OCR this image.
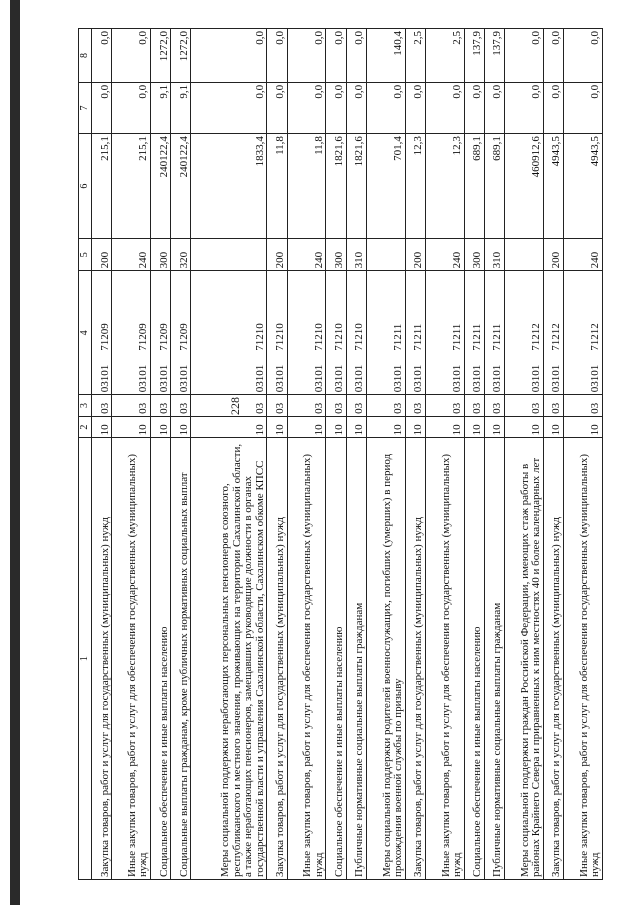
228
1	2	3	4	5	6	7	8
Закупка товаров, работ и услуг для государственных (муниципальных) нужд	10	03	0310171209	200	215,1	0,0	0,0
Иные закупки товаров, работ и услуг для обеспечения государственных (муниципальных) нужд	10	03	0310171209	240	215,1	0,0	0,0
Социальное обеспечение и иные выплаты населению	10	03	0310171209	300	240122,4	9,1	1272,0
Социальные выплаты гражданам, кроме публичных нормативных социальных выплат	10	03	0310171209	320	240122,4	9,1	1272,0
Меры социальной поддержки неработающих персональных пенсионеров союзного, республиканского и местного значения, проживающих на территории Сахалинской области, а также неработающих пенсионеров, замещавших руководящие должности в органах государственной власти и управления Сахалинской области, Сахалинском обкоме КПСС	10	03	0310171210		1833,4	0,0	0,0
Закупка товаров, работ и услуг для государственных (муниципальных) нужд	10	03	0310171210	200	11,8	0,0	0,0
Иные закупки товаров, работ и услуг для обеспечения государственных (муниципальных) нужд	10	03	0310171210	240	11,8	0,0	0,0
Социальное обеспечение и иные выплаты населению	10	03	0310171210	300	1821,6	0,0	0,0
Публичные нормативные социальные выплаты гражданам	10	03	0310171210	310	1821,6	0,0	0,0
Меры социальной поддержки родителей военнослужащих, погибших (умерших) в период прохождения военной службы по призыву	10	03	0310171211		701,4	0,0	140,4
Закупка товаров, работ и услуг для государственных (муниципальных) нужд	10	03	0310171211	200	12,3	0,0	2,5
Иные закупки товаров, работ и услуг для обеспечения государственных (муниципальных) нужд	10	03	0310171211	240	12,3	0,0	2,5
Социальное обеспечение и иные выплаты населению	10	03	0310171211	300	689,1	0,0	137,9
Публичные нормативные социальные выплаты гражданам	10	03	0310171211	310	689,1	0,0	137,9
Меры социальной поддержки граждан Российской Федерации, имеющих стаж работы в районах Крайнего Севера и приравненных к ним местностях 40 и более календарных лет	10	03	0310171212		460912,6	0,0	0,0
Закупка товаров, работ и услуг для государственных (муниципальных) нужд	10	03	0310171212	200	4943,5	0,0	0,0
Иные закупки товаров, работ и услуг для обеспечения государственных (муниципальных) нужд	10	03	0310171212	240	4943,5	0,0	0,0
